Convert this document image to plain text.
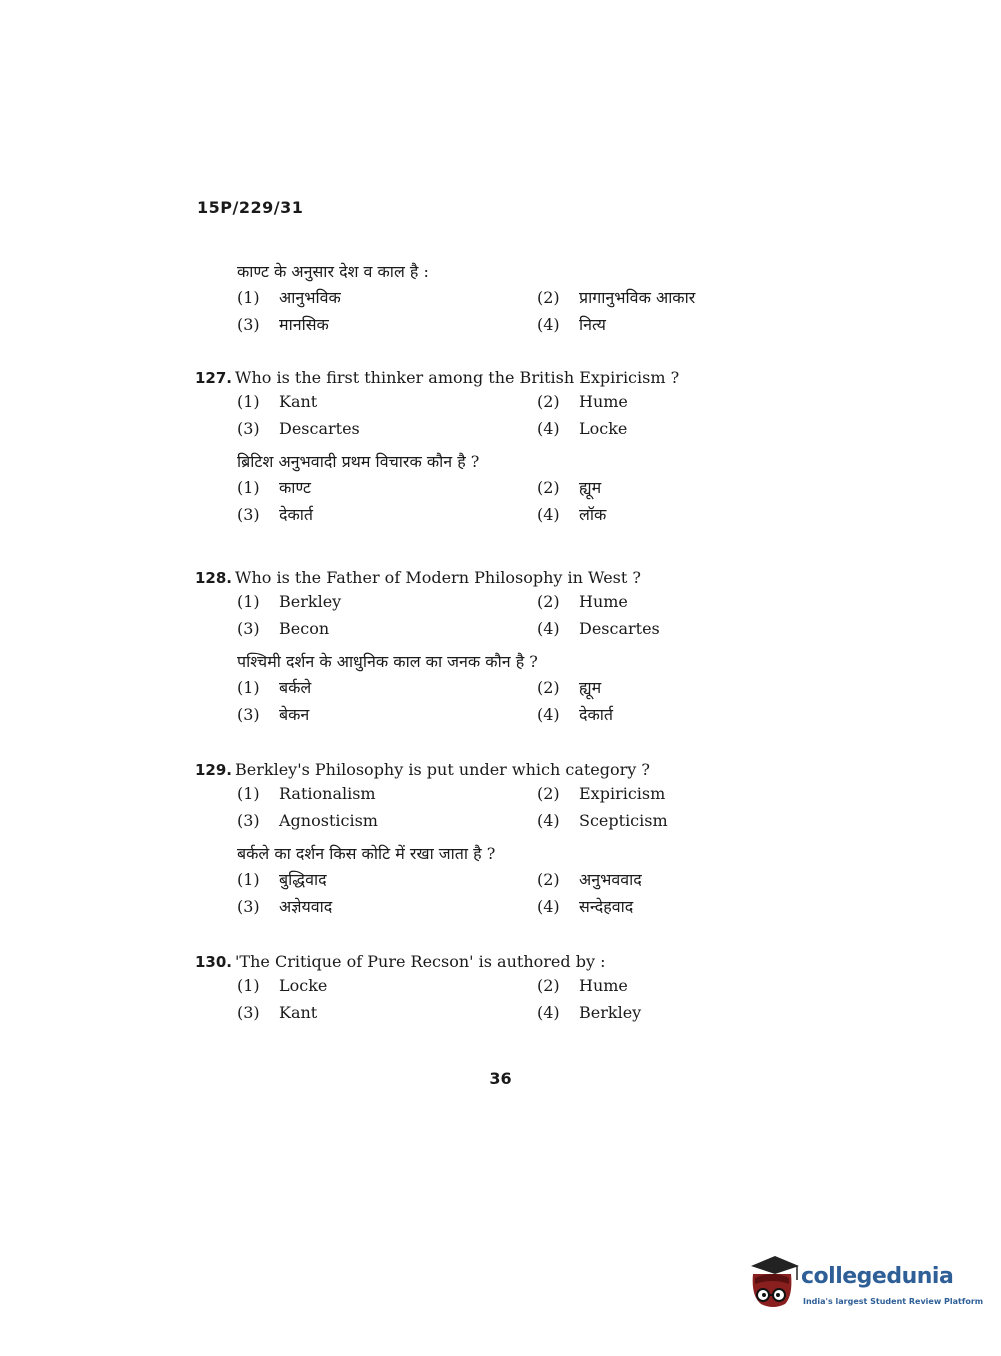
15P/229/31
काण्ट के अनुसार देश व काल है :
(1) आनुभविक	(2) प्रागानुभविक आकार
(3) मानसिक	(4) नित्य
127. Who is the first thinker among the British Expiricism ?
(1) Kant	(2) Hume
(3) Descartes	(4) Locke
ब्रिटिश अनुभवादी प्रथम विचारक कौन है ?
(1) काण्ट	(2) ह्यूम
(3) देकार्त	(4) लॉक
128. Who is the Father of Modern Philosophy in West ?
(1) Berkley	(2) Hume
(3) Becon	(4) Descartes
पश्चिमी दर्शन के आधुनिक काल का जनक कौन है ?
(1) बर्कले	(2) ह्यूम
(3) बेकन	(4) देकार्त
129. Berkley's Philosophy is put under which category ?
(1) Rationalism	(2) Expiricism
(3) Agnosticism	(4) Scepticism
बर्कले का दर्शन किस कोटि में रखा जाता है ?
(1) बुद्धिवाद	(2) अनुभववाद
(3) अज्ञेयवाद	(4) सन्देहवाद
130. 'The Critique of Pure Recson' is authored by :
(1) Locke	(2) Hume
(3) Kant	(4) Berkley
36
collegedunia
India's largest Student Review Platform
